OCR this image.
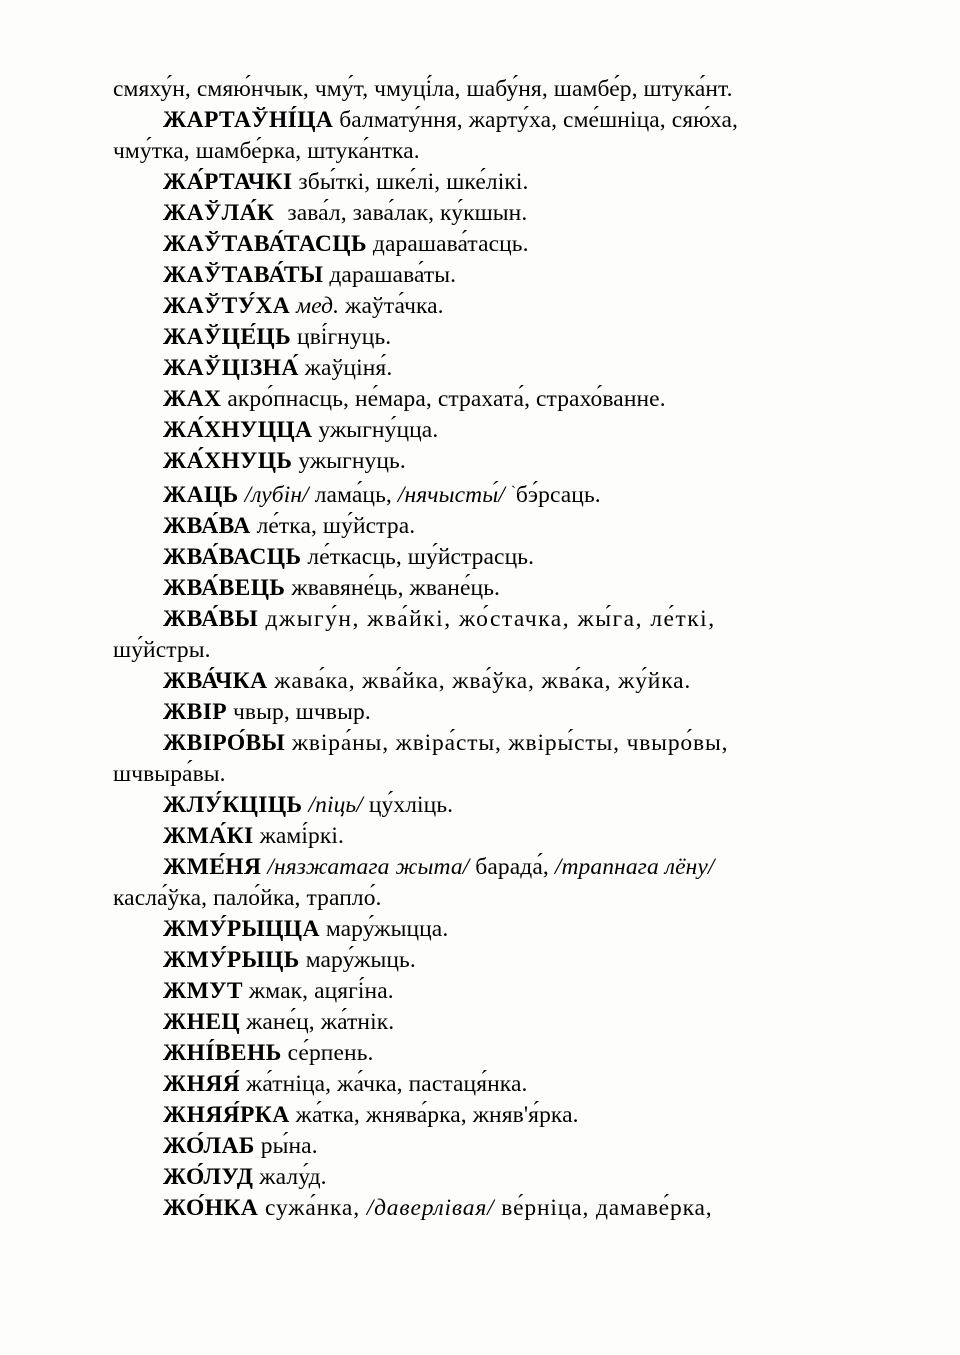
смяху́н, смяю́нчык, чму́т, чмуці́ла, шабу́ня, шамбе́р, штука́нт.
ЖАРТАЎНІ́ЦА балмату́ння, жарту́ха, сме́шніца, сяю́ха,
чму́тка, шамбе́рка, штука́нтка.
ЖА́РТАЧКІ збы́ткі, шке́лі, шке́лікі.
ЖАЎЛА́К зава́л, зава́лак, ку́кшын.
ЖАЎТАВА́ТАСЦЬ дарашава́тасць.
ЖАЎТАВА́ТЫ дарашава́ты.
ЖАЎТУ́ХА мед. жаўта́чка.
ЖАЎЦЕ́ЦЬ цві́гнуць.
ЖАЎЦІЗНА́ жаўціня́.
ЖАХ акро́пнасць, не́мара, страхата́, страхо́ванне.
ЖА́ХНУЦЦА ужыгну́цца.
ЖА́ХНУЦЬ ужыгнуць.
ЖАЦЬ /лубін/ лама́ць, /нячысты́/ `бэ́рсаць.
ЖВА́ВА ле́тка, шу́йстра.
ЖВА́ВАСЦЬ ле́ткасць, шу́йстрасць.
ЖВА́ВЕЦЬ жвавяне́ць, жване́ць.
ЖВА́ВЫ джыгу́н, жва́йкі, жо́стачка, жы́га, ле́ткі,
шу́йстры.
ЖВА́ЧКА жава́ка, жва́йка, жва́ўка, жва́ка, жу́йка.
ЖВІР чвыр, шчвыр.
ЖВІРО́ВЫ жвіра́ны, жвіра́сты, жвіры́сты, чвыро́вы,
шчвыра́вы.
ЖЛУ́КЦІЦЬ /піць/ цу́хліць.
ЖМА́КІ жамі́ркі.
ЖМЕ́НЯ /нязжатага жыта/ барада́, /трапнага лёну/
касла́ўка, пало́йка, трапло́.
ЖМУ́РЫЦЦА мару́жыцца.
ЖМУ́РЫЦЬ мару́жыць.
ЖМУТ жмак, ацягі́на.
ЖНЕЦ жане́ц, жа́тнік.
ЖНІ́ВЕНЬ се́рпень.
ЖНЯЯ́ жа́тніца, жа́чка, пастаця́нка.
ЖНЯЯ́РКА жа́тка, жнява́рка, жняв'я́рка.
ЖО́ЛАБ ры́на.
ЖО́ЛУД жалу́д.
ЖО́НКА сужа́нка, /даверлівая/ ве́рніца, дамаве́рка,
